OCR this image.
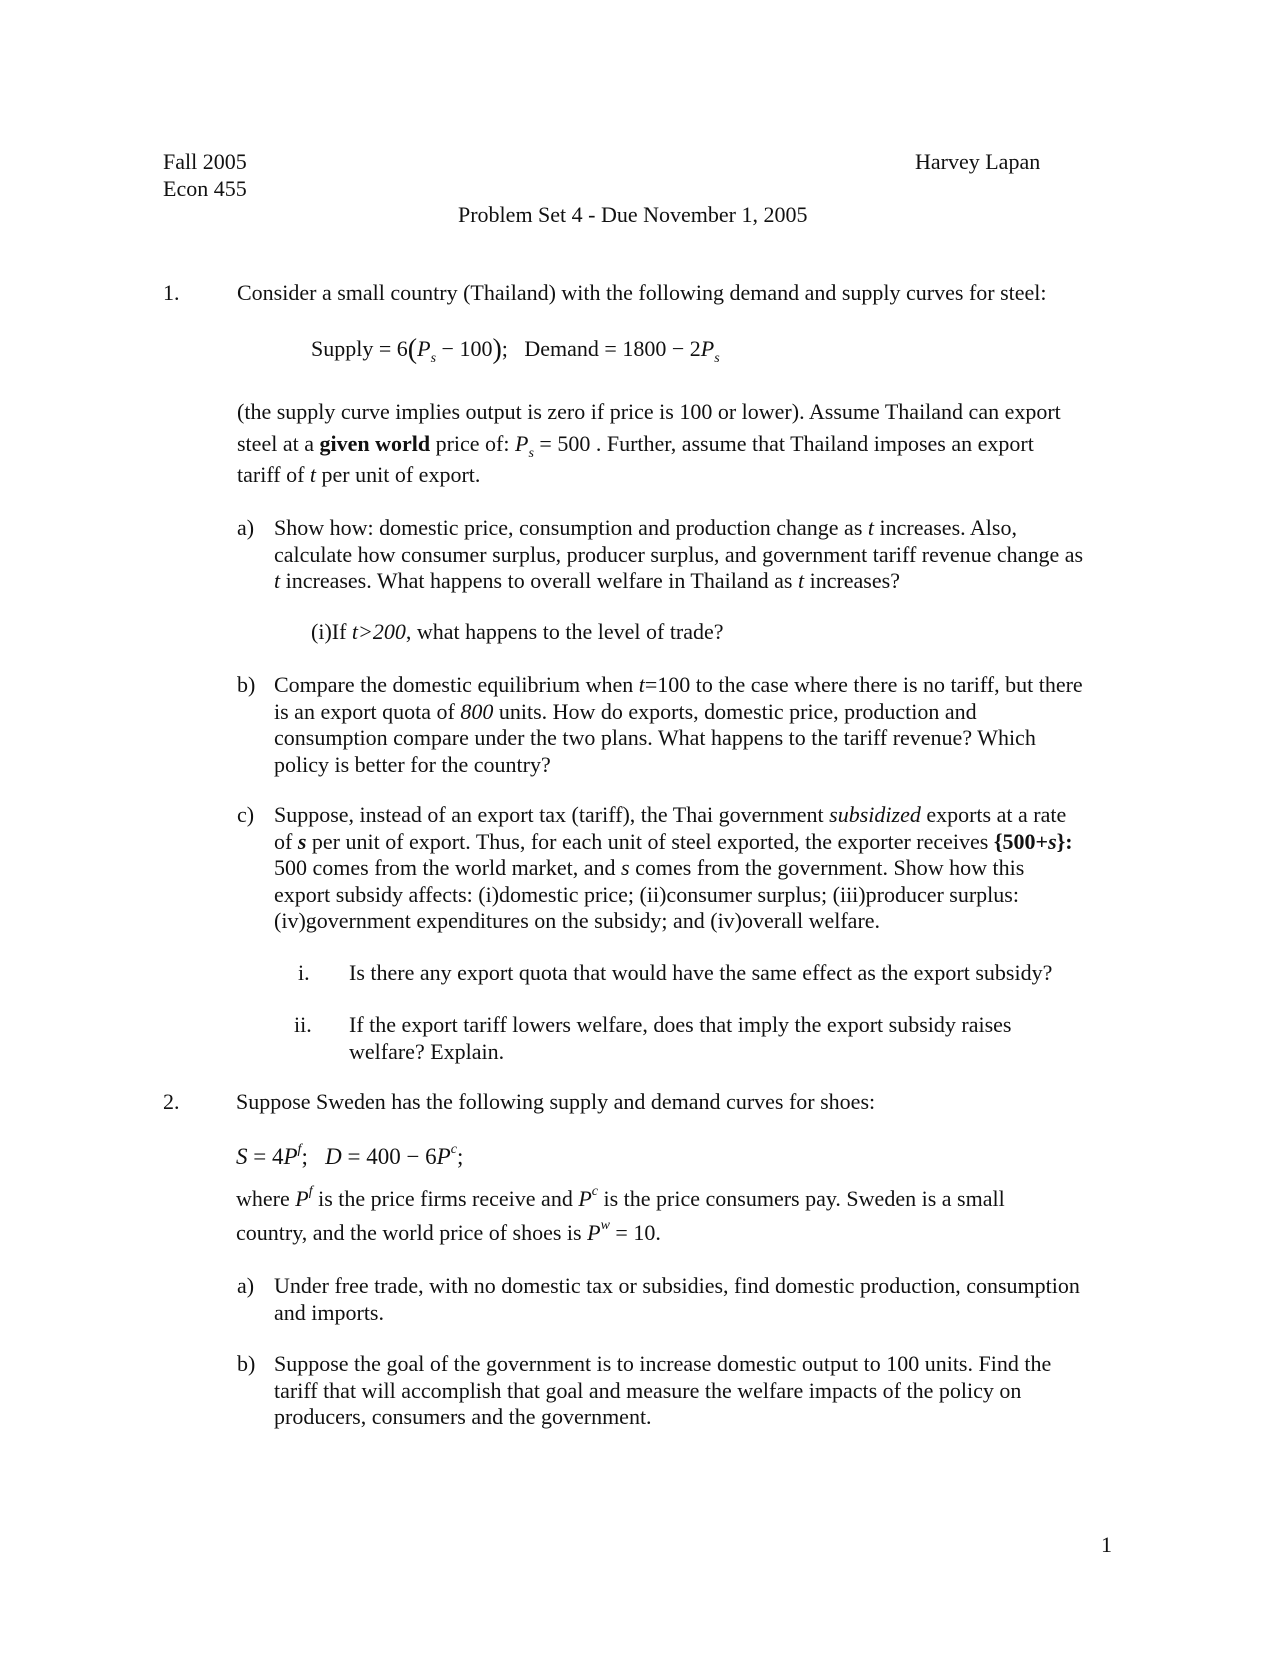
Fall 2005
Econ 455
Harvey Lapan
Problem Set 4 - Due November 1, 2005
1.	Consider a small country (Thailand) with the following demand and supply curves for steel:
Supply = $6(P_s - 100)$;   Demand = $1800 - 2P_s$
(the supply curve implies output is zero if price is 100 or lower). Assume Thailand can export
steel at a given world price of: $P_s = 500$ . Further, assume that Thailand imposes an export
tariff of t per unit of export.
a) Show how: domestic price, consumption and production change as t increases. Also,
calculate how consumer surplus, producer surplus, and government tariff revenue change as
t increases. What happens to overall welfare in Thailand as t increases?
(i)If t>200, what happens to the level of trade?
b) Compare the domestic equilibrium when t=100 to the case where there is no tariff, but there
is an export quota of 800 units. How do exports, domestic price, production and
consumption compare under the two plans. What happens to the tariff revenue? Which
policy is better for the country?
c) Suppose, instead of an export tax (tariff), the Thai government subsidized exports at a rate
of s per unit of export. Thus, for each unit of steel exported, the exporter receives {500+s}:
500 comes from the world market, and s comes from the government. Show how this
export subsidy affects: (i)domestic price; (ii)consumer surplus; (iii)producer surplus:
(iv)government expenditures on the subsidy; and (iv)overall welfare.
i. Is there any export quota that would have the same effect as the export subsidy?
ii. If the export tariff lowers welfare, does that imply the export subsidy raises
welfare? Explain.
2.	Suppose Sweden has the following supply and demand curves for shoes:
$S = 4P^f$;   $D = 400 - 6P^c$;
where $P^f$ is the price firms receive and $P^c$ is the price consumers pay. Sweden is a small
country, and the world price of shoes is $P^w = 10$.
a) Under free trade, with no domestic tax or subsidies, find domestic production, consumption
and imports.
b) Suppose the goal of the government is to increase domestic output to 100 units. Find the
tariff that will accomplish that goal and measure the welfare impacts of the policy on
producers, consumers and the government.
1
